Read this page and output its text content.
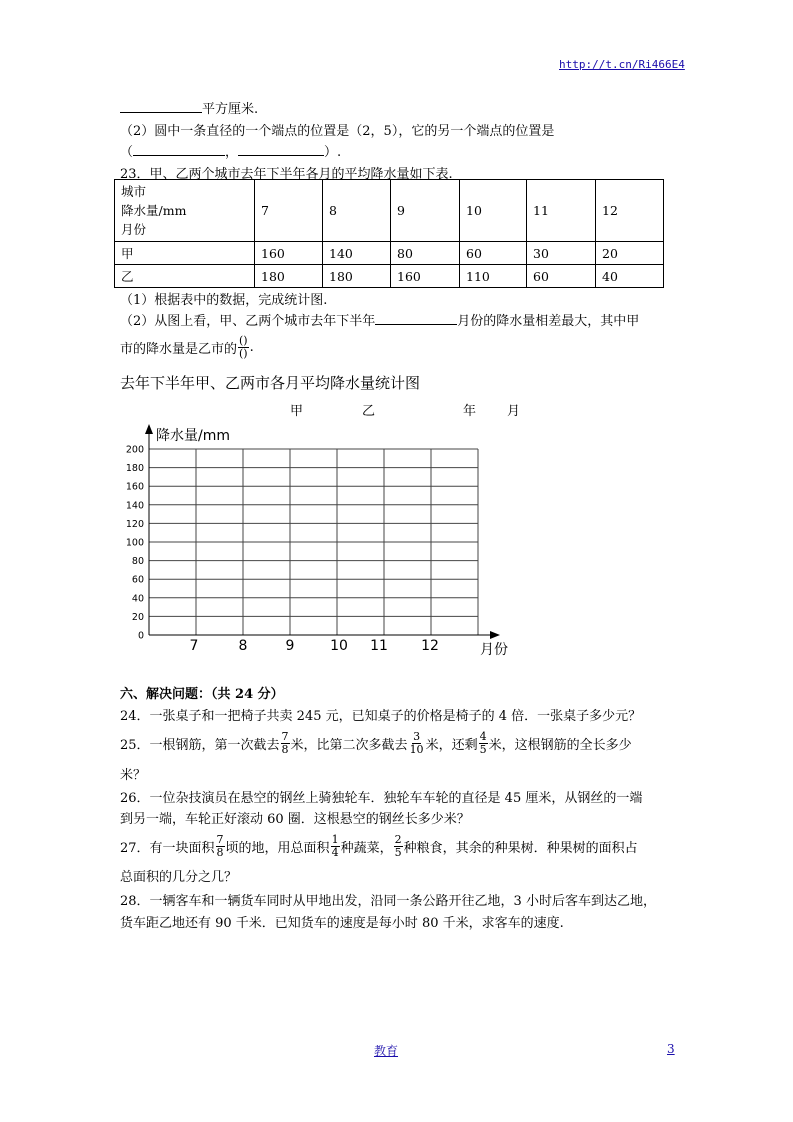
http://t.cn/Ri466E4
平方厘米.
（2）圆中一条直径的一个端点的位置是（2，5），它的另一个端点的位置是
（	，	）.
23．甲、乙两个城市去年下半年各月的平均降水量如下表.
城市
降水量/mm
月份	7	8	9	10	11	12
甲	160	140	80	60	30	20
乙	180	180	160	110	60	40
（1）根据表中的数据，完成统计图.
（2）从图上看，甲、乙两个城市去年下半年	月份的降水量相差最大，其中甲
市的降水量是乙市的 $\frac{()}{()}$ .
去年下半年甲、乙两市各月平均降水量统计图
甲	乙	年 月
0
20
40
60
80
100
120
140
160
180
200
7	8	9	10 11 12
降水量/mm
月份
六、解决问题：（共 24 分）
24．一张桌子和一把椅子共卖 245 元，已知桌子的价格是椅子的 4 倍．一张桌子多少元？
25．一根钢筋，第一次截去 $\frac{7}{8}$ 米，比第二次多截去 $\frac{3}{10}$ 米，还剩 $\frac{4}{5}$ 米，这根钢筋的全长多少
米？
26．一位杂技演员在悬空的钢丝上骑独轮车．独轮车车轮的直径是 45 厘米，从钢丝的一端
到另一端，车轮正好滚动 60 圈．这根悬空的钢丝长多少米？
27．有一块面积 $\frac{7}{8}$ 顷的地，用总面积 $\frac{1}{4}$ 种蔬菜， $\frac{2}{5}$ 种粮食，其余的种果树．种果树的面积占
总面积的几分之几？
28．一辆客车和一辆货车同时从甲地出发，沿同一条公路开往乙地，3 小时后客车到达乙地，
货车距乙地还有 90 千米．已知货车的速度是每小时 80 千米，求客车的速度.
教育	3
